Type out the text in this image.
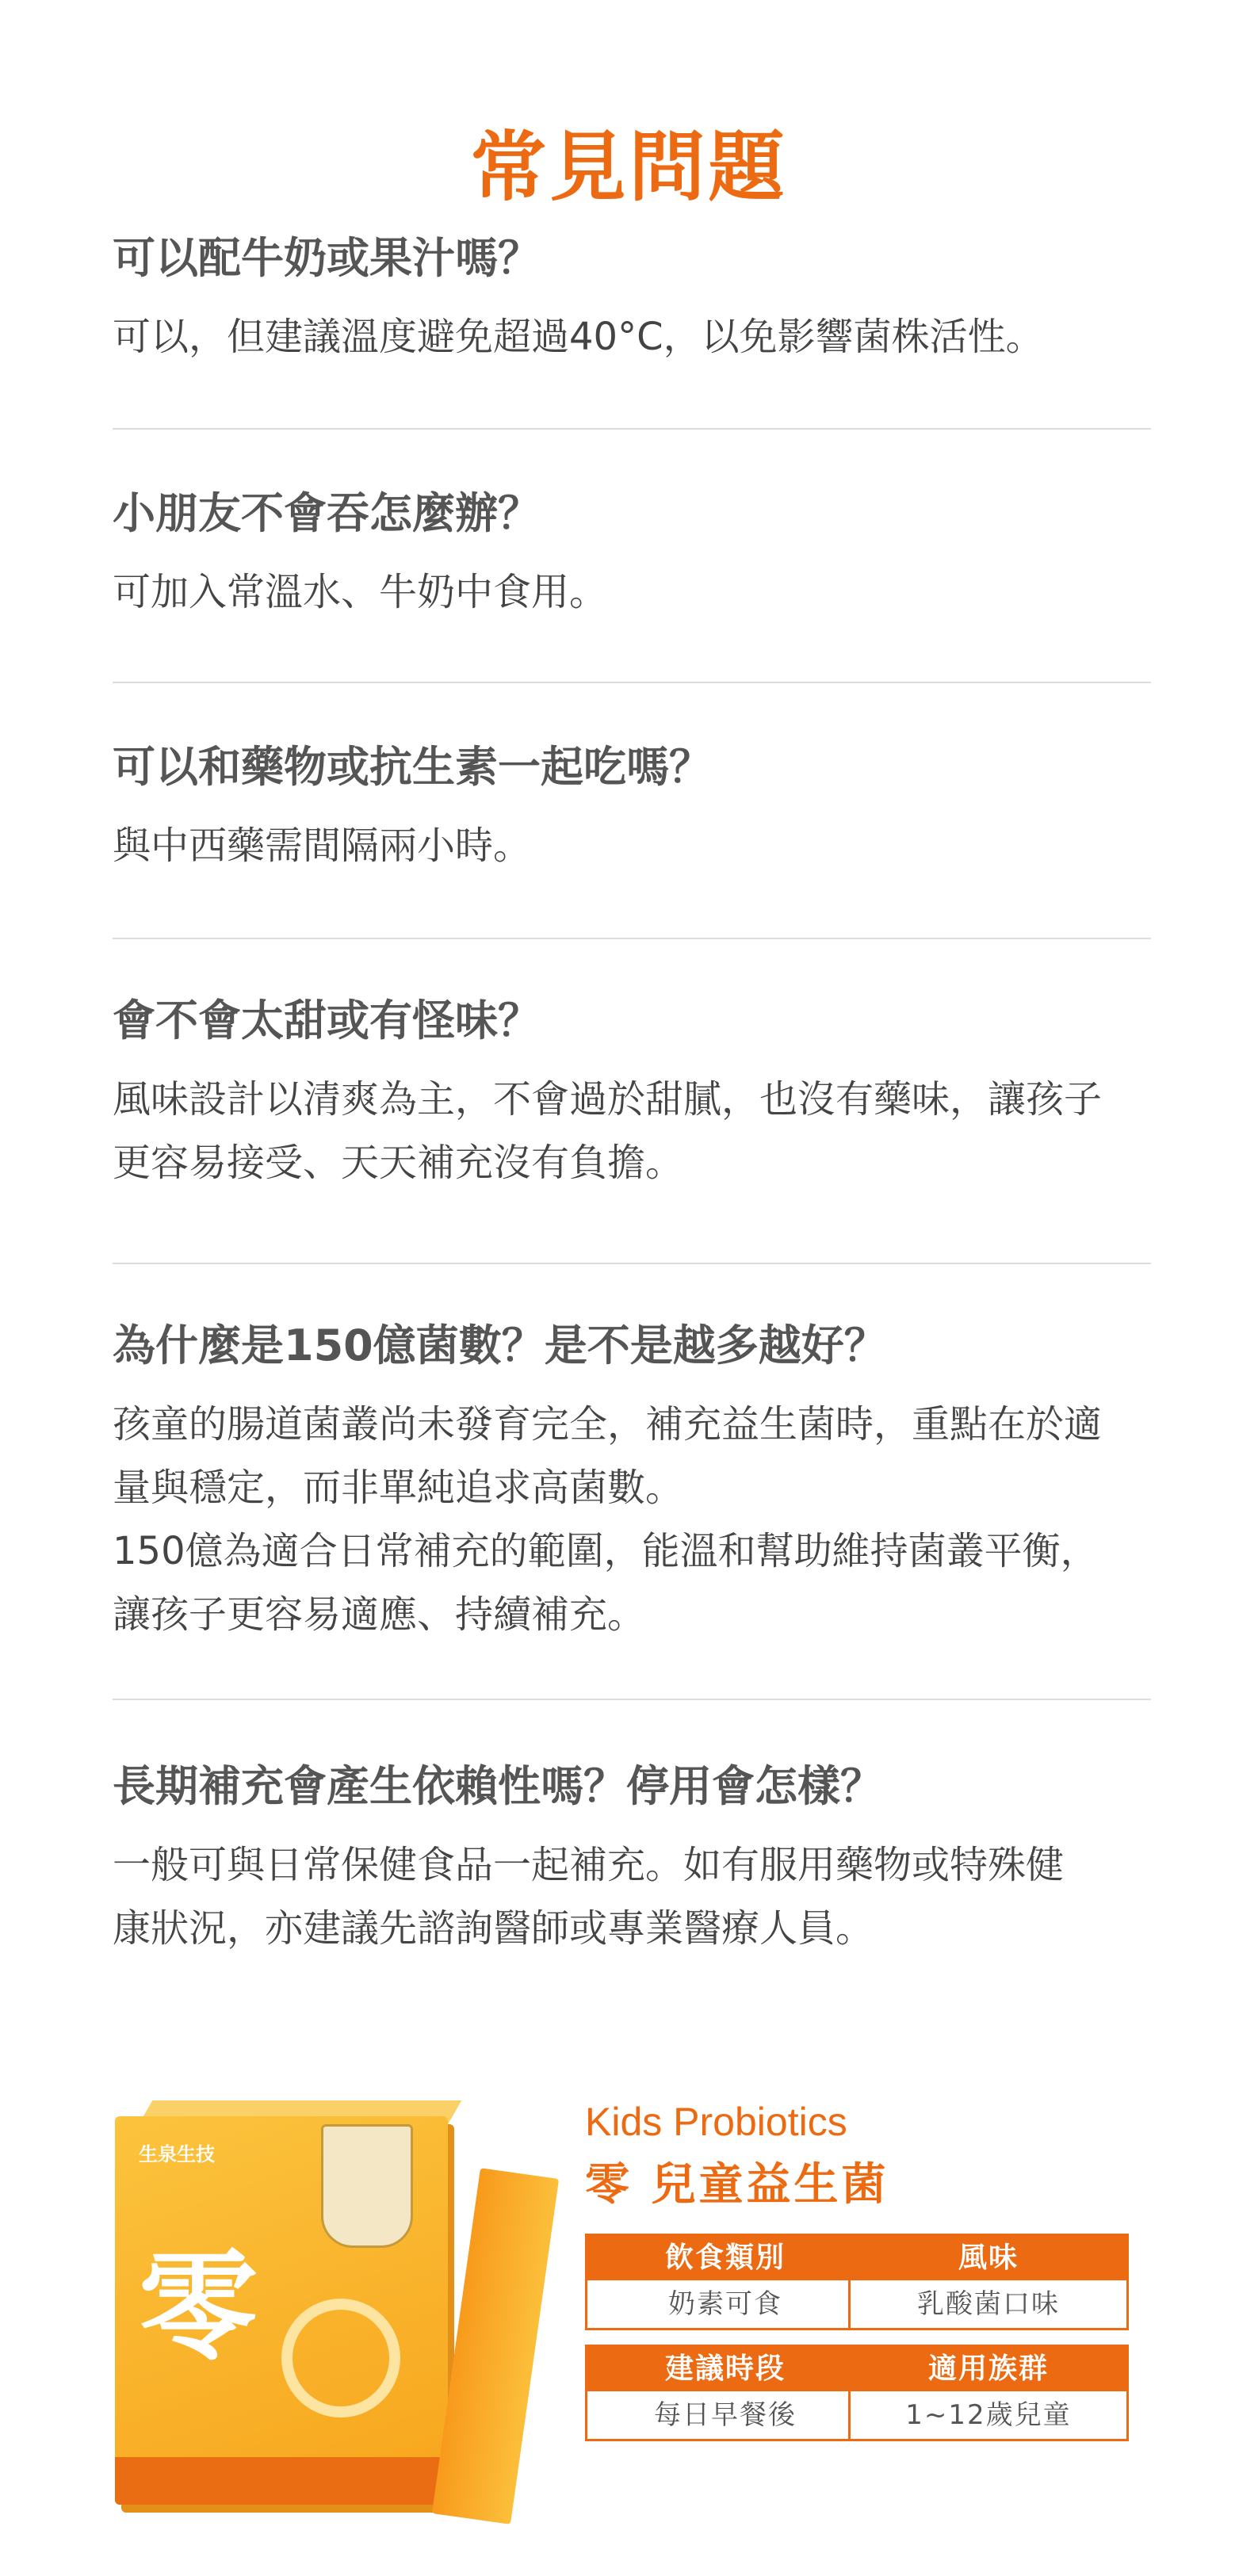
常見問題

可以配牛奶或果汁嗎？

可以，但建議溫度避免超過40°C，以免影響菌株活性。

小朋友不會吞怎麼辦？

可加入常溫水、牛奶中食用。

可以和藥物或抗生素一起吃嗎？

與中西藥需間隔兩小時。

會不會太甜或有怪味？

風味設計以清爽為主，不會過於甜膩，也沒有藥味，讓孩子
更容易接受、天天補充沒有負擔。

為什麼是150億菌數？是不是越多越好？

孩童的腸道菌叢尚未發育完全，補充益生菌時，重點在於適
量與穩定，而非單純追求高菌數。
150億為適合日常補充的範圍，能溫和幫助維持菌叢平衡，
讓孩子更容易適應、持續補充。

長期補充會產生依賴性嗎？停用會怎樣？

一般可與日常保健食品一起補充。如有服用藥物或特殊健
康狀況，亦建議先諮詢醫師或專業醫療人員。

生泉生技
零
Kids Probiotics
零 兒童益生菌
飲食類別
奶素可食
風味
乳酸菌口味
建議時段
每日早餐後
適用族群
1~12歲兒童
